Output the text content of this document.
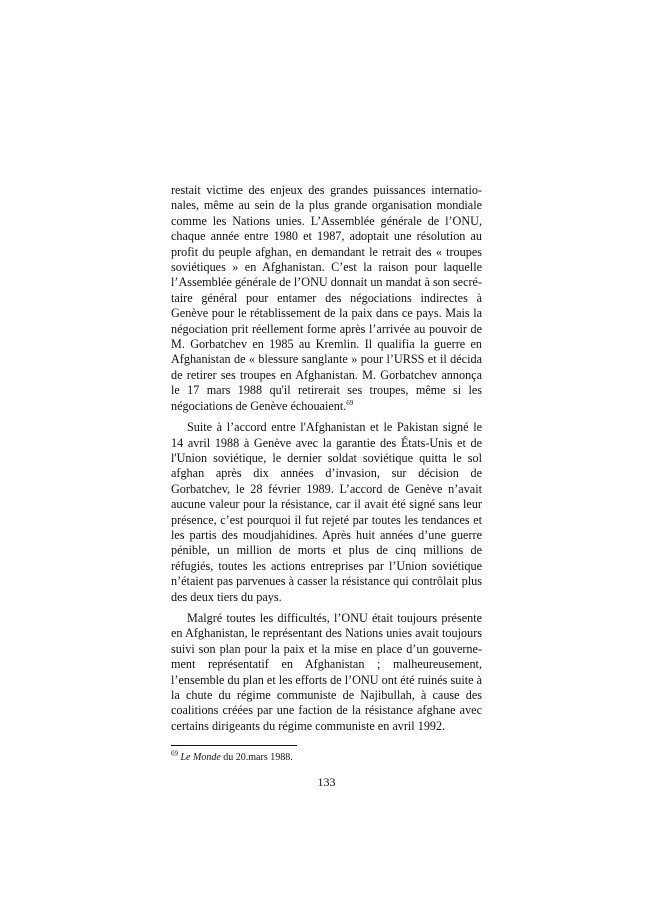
restait victime des enjeux des grandes puissances internationales, même au sein de la plus grande organisation mondiale comme les Nations unies. L’Assemblée générale de l’ONU, chaque année entre 1980 et 1987, adoptait une résolution au profit du peuple afghan, en demandant le retrait des « troupes soviétiques » en Afghanistan. C’est la raison pour laquelle l’Assemblée générale de l’ONU donnait un mandat à son secrétaire général pour entamer des négociations indirectes à Genève pour le rétablissement de la paix dans ce pays. Mais la négociation prit réellement forme après l’arrivée au pouvoir de M. Gorbatchev en 1985 au Kremlin. Il qualifia la guerre en Afghanistan de « blessure sanglante » pour l’URSS et il décida de retirer ses troupes en Afghanistan. M. Gorbatchev annonça le 17 mars 1988 qu'il retirerait ses troupes, même si les négociations de Genève échouaient.$^{69}$

Suite à l’accord entre l'Afghanistan et le Pakistan signé le 14 avril 1988 à Genève avec la garantie des États-Unis et de l'Union soviétique, le dernier soldat soviétique quitta le sol afghan après dix années d’invasion, sur décision de Gorbatchev, le 28 février 1989. L’accord de Genève n’avait aucune valeur pour la résistance, car il avait été signé sans leur présence, c’est pourquoi il fut rejeté par toutes les tendances et les partis des moudjahidines. Après huit années d’une guerre pénible, un million de morts et plus de cinq millions de réfugiés, toutes les actions entreprises par l’Union soviétique n’étaient pas parvenues à casser la résistance qui contrôlait plus des deux tiers du pays.

Malgré toutes les difficultés, l’ONU était toujours présente en Afghanistan, le représentant des Nations unies avait toujours suivi son plan pour la paix et la mise en place d’un gouvernement représentatif en Afghanistan ; malheureusement, l’ensemble du plan et les efforts de l’ONU ont été ruinés suite à la chute du régime communiste de Najibullah, à cause des coalitions créées par une faction de la résistance afghane avec certains dirigeants du régime communiste en avril 1992.

$^{69}$ Le Monde du 20.mars 1988.
133
